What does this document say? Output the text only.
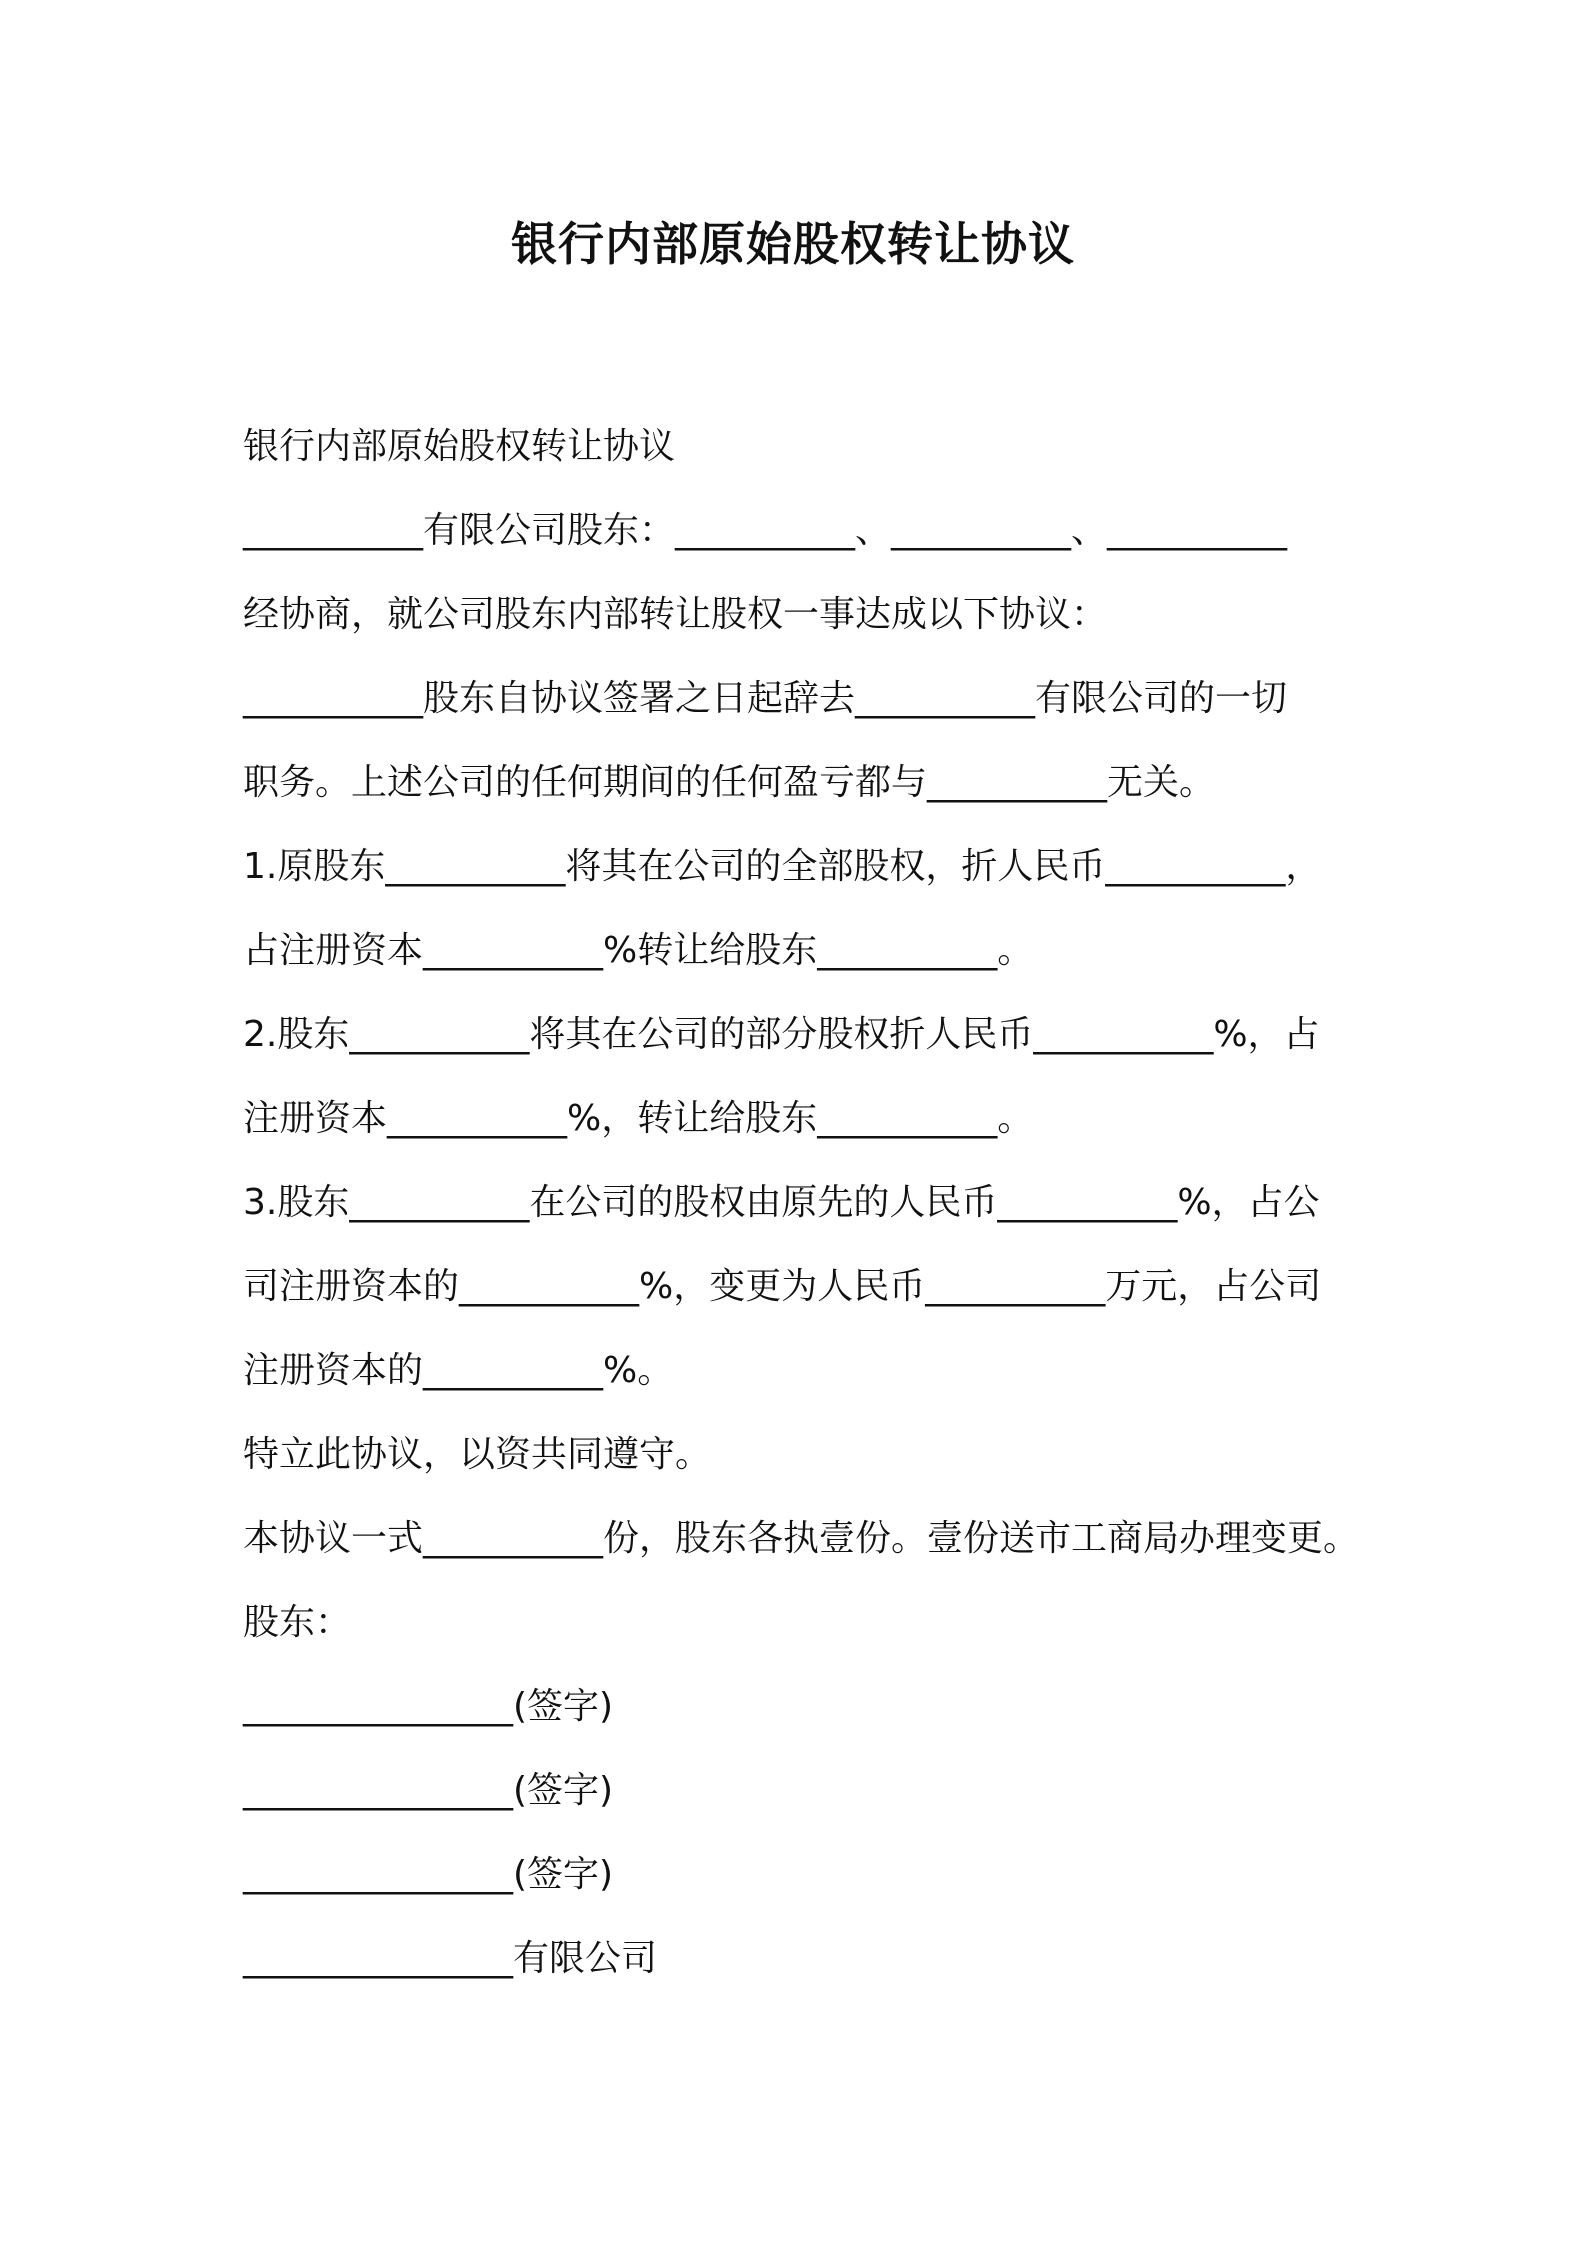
银行内部原始股权转让协议
银行内部原始股权转让协议
__________有限公司股东：__________、__________、__________
经协商，就公司股东内部转让股权一事达成以下协议：
__________股东自协议签署之日起辞去__________有限公司的一切
职务。上述公司的任何期间的任何盈亏都与__________无关。
1.原股东__________将其在公司的全部股权，折人民币__________，
占注册资本__________%转让给股东__________。
2.股东__________将其在公司的部分股权折人民币__________%，占
注册资本__________%，转让给股东__________。
3.股东__________在公司的股权由原先的人民币__________%，占公
司注册资本的__________%，变更为人民币__________万元，占公司
注册资本的__________%。
特立此协议，以资共同遵守。
本协议一式__________份，股东各执壹份。壹份送市工商局办理变更。
股东：
_______________(签字)
_______________(签字)
_______________(签字)
_______________有限公司
